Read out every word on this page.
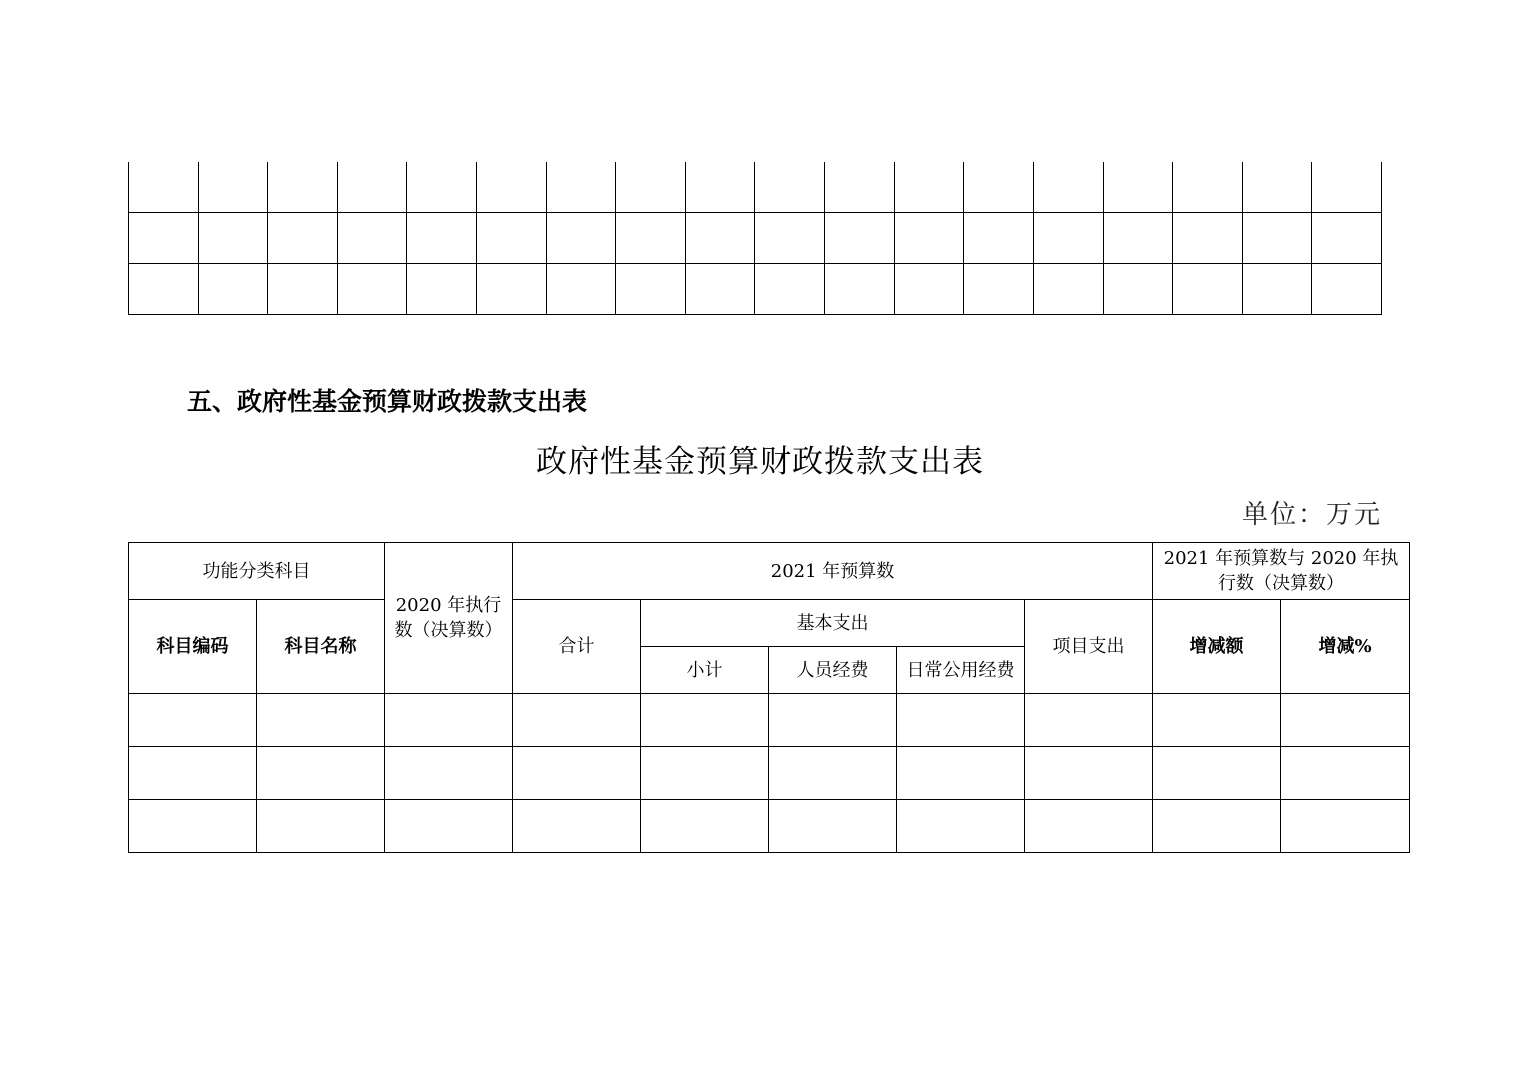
五、政府性基金预算财政拨款支出表
政府性基金预算财政拨款支出表
单位：万元
功能分类科目		2020 年执行数（决算数）	2021 年预算数					2021 年预算数与 2020 年执行数（决算数）	
科目编码	科目名称		合计	基本支出			项目支出	增减额	增减%
				小计	人员经费	日常公用经费			
